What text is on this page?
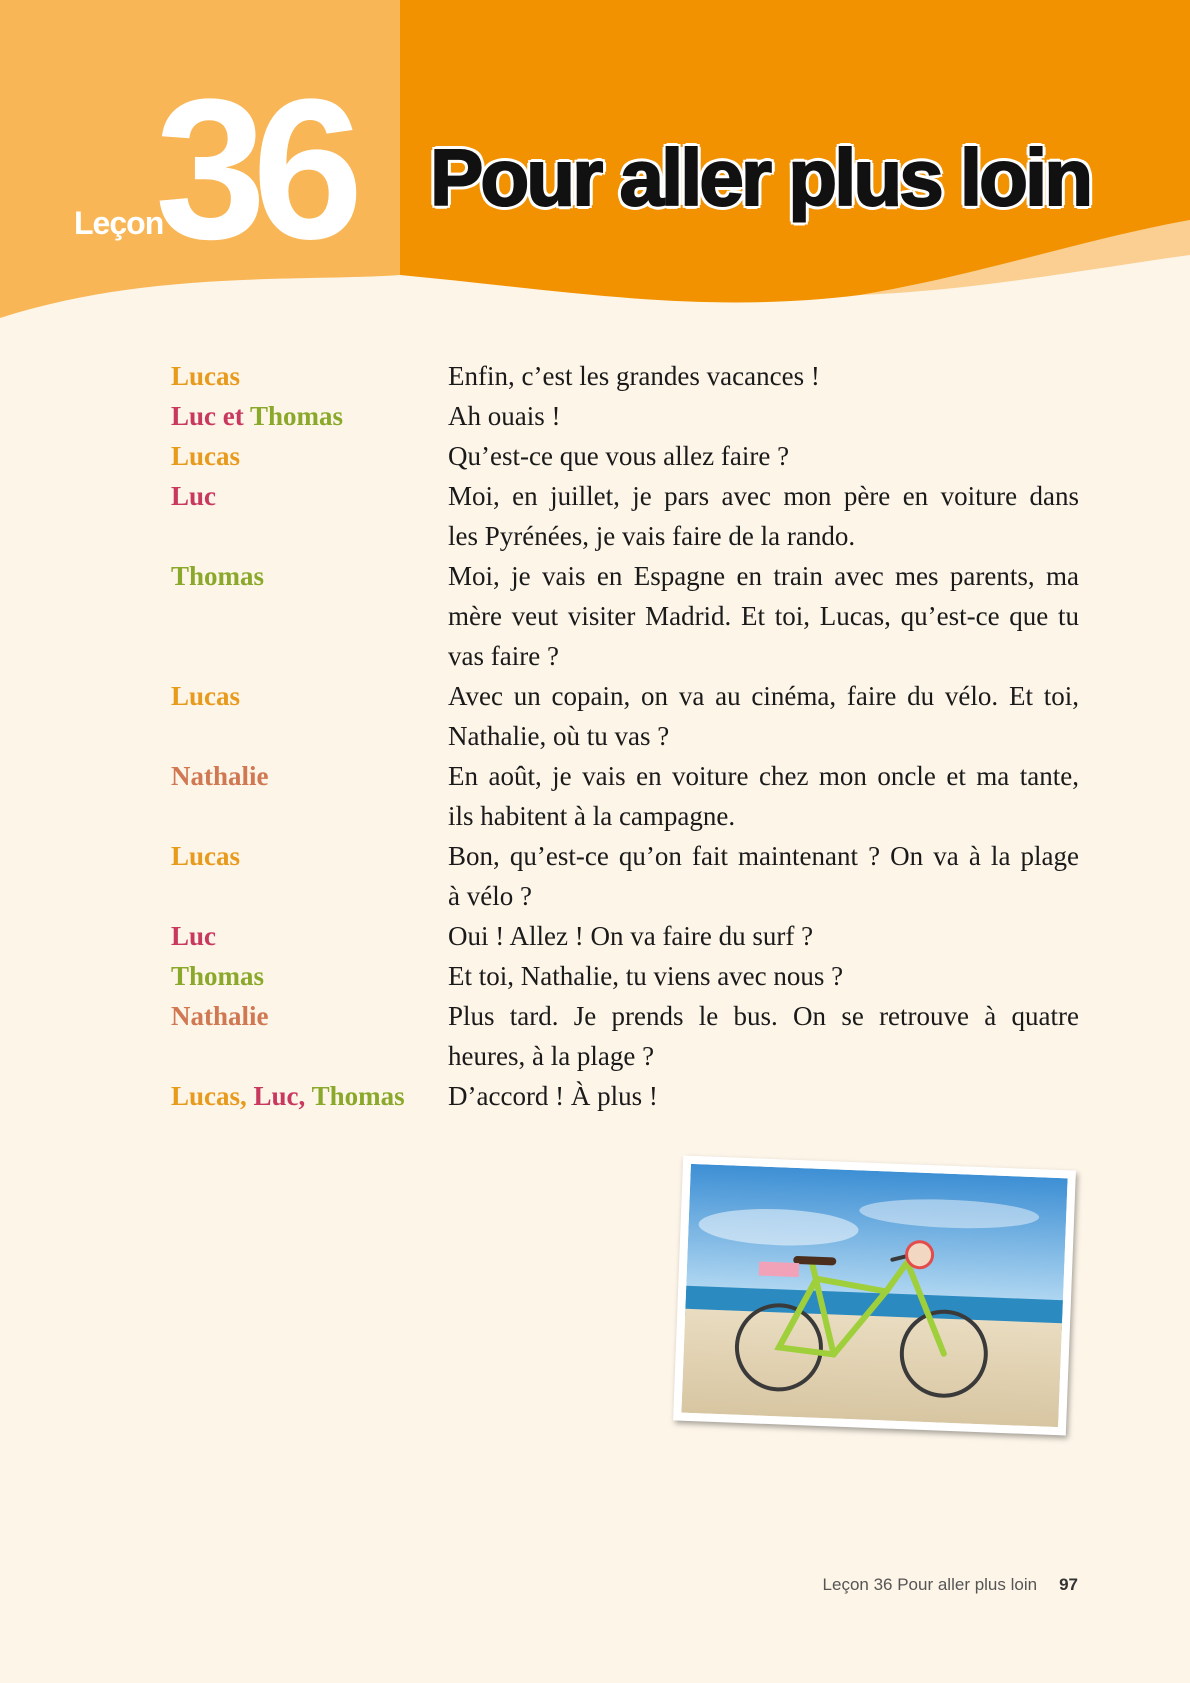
Leçon
36 Pour aller plus loin
Lucas	Enfin, c’est les grandes vacances !
Luc et Thomas	Ah ouais !
Lucas	Qu’est-ce que vous allez faire ?
Luc	Moi, en juillet, je pars avec mon père en voiture dans
les Pyrénées, je vais faire de la rando.
Thomas	Moi, je vais en Espagne en train avec mes parents, ma
mère veut visiter Madrid. Et toi, Lucas, qu’est-ce que tu
vas faire ?
Lucas	Avec un copain, on va au cinéma, faire du vélo. Et toi,
Nathalie, où tu vas ?
Nathalie	En août, je vais en voiture chez mon oncle et ma tante,
ils habitent à la campagne.
Lucas	Bon, qu’est-ce qu’on fait maintenant ? On va à la plage
à vélo ?
Luc	Oui ! Allez ! On va faire du surf ?
Thomas	Et toi, Nathalie, tu viens avec nous ?
Nathalie	Plus tard. Je prends le bus. On se retrouve à quatre
heures, à la plage ?
Lucas, Luc, Thomas	D’accord ! À plus !
Leçon 36 Pour aller plus loin 97
